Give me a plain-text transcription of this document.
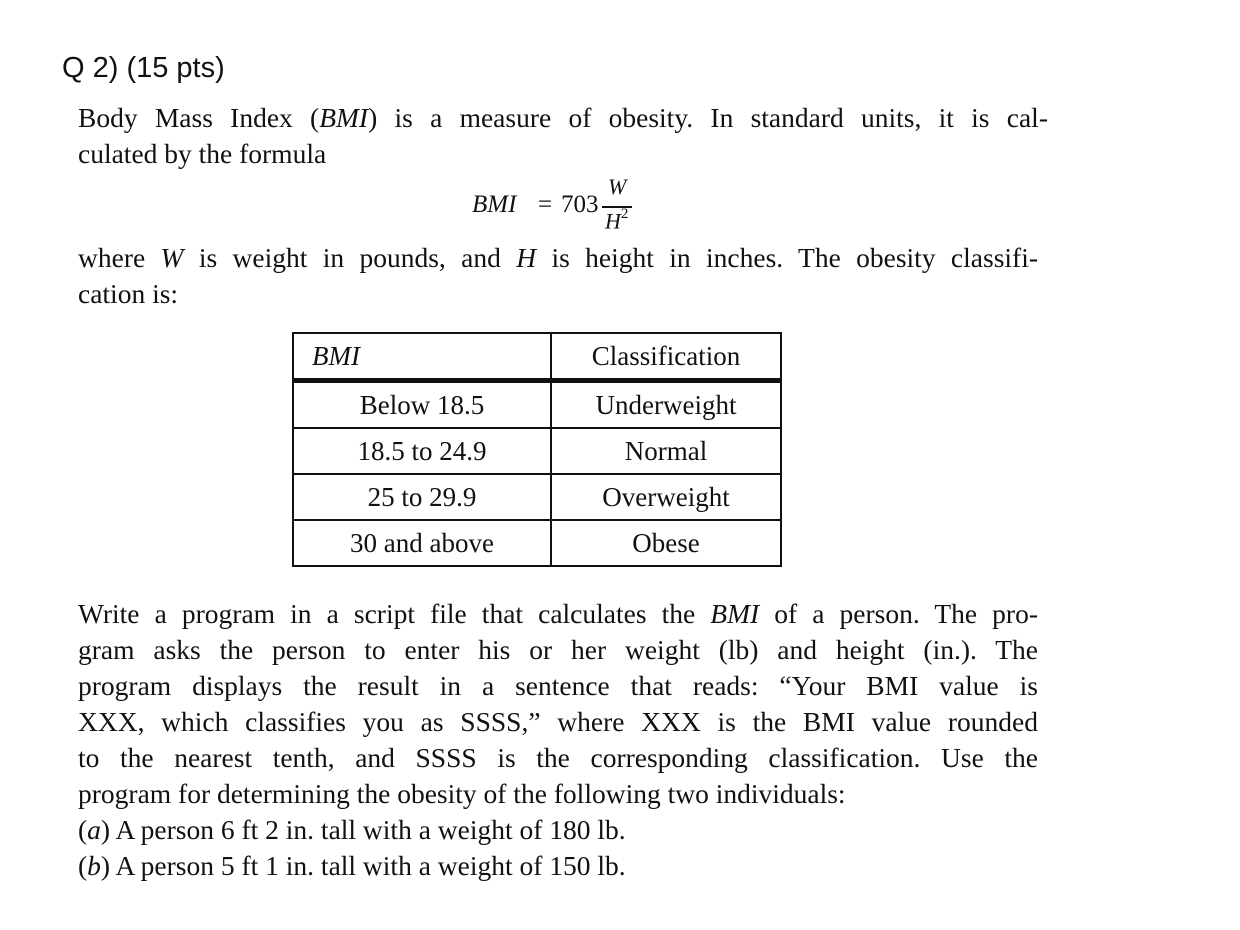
Q 2) (15 pts)
Body Mass Index (BMI) is a measure of obesity. In standard units, it is cal-
culated by the formula
BMI = 703
W
$H^2$
where W is weight in pounds, and H is height in inches. The obesity classifi-
cation is:
BMI	Classification
Below 18.5	Underweight
18.5 to 24.9	Normal
25 to 29.9	Overweight
30 and above	Obese
Write a program in a script file that calculates the BMI of a person. The pro-
gram asks the person to enter his or her weight (lb) and height (in.). The
program displays the result in a sentence that reads: “Your BMI value is
XXX, which classifies you as SSSS,” where XXX is the BMI value rounded
to the nearest tenth, and SSSS is the corresponding classification. Use the
program for determining the obesity of the following two individuals:
(a) A person 6 ft 2 in. tall with a weight of 180 lb.
(b) A person 5 ft 1 in. tall with a weight of 150 lb.
